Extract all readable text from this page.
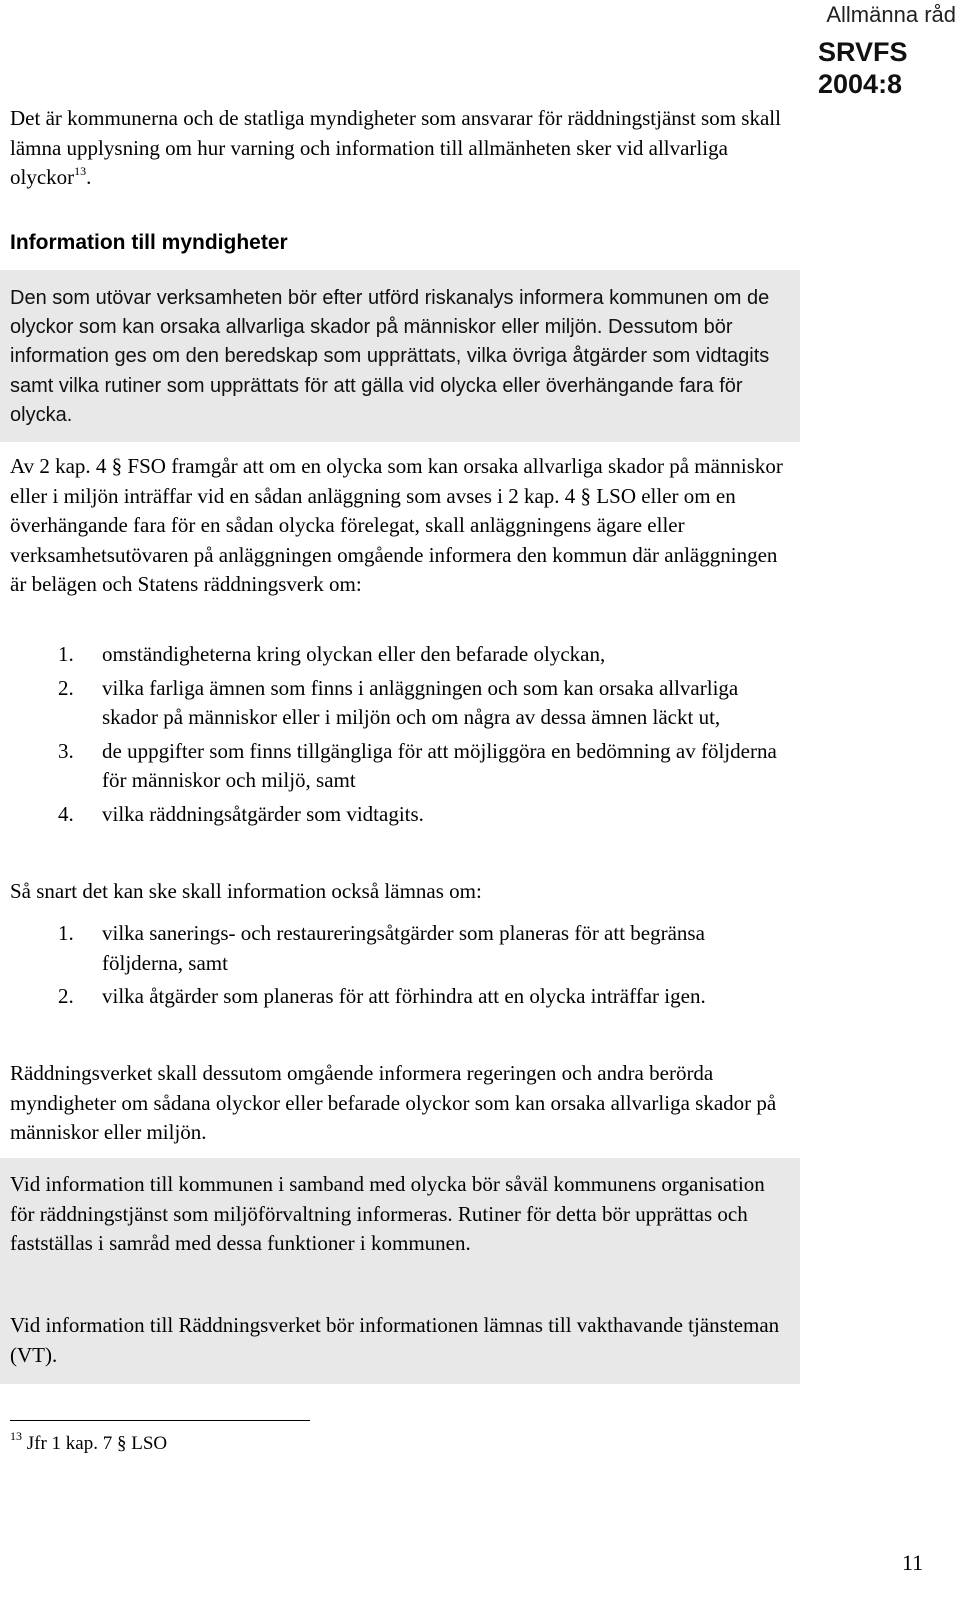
Allmänna råd
SRVFS
2004:8

Det är kommunerna och de statliga myndigheter som ansvarar för räddningstjänst som skall lämna upplysning om hur varning och information till allmänheten sker vid allvarliga olyckor$^{13}$.

Information till myndigheter

Den som utövar verksamheten bör efter utförd riskanalys informera kommunen om de olyckor som kan orsaka allvarliga skador på människor eller miljön. Dessutom bör information ges om den beredskap som upprättats, vilka övriga åtgärder som vidtagits samt vilka rutiner som upprättats för att gälla vid olycka eller överhängande fara för olycka.

Av 2 kap. 4 § FSO framgår att om en olycka som kan orsaka allvarliga skador på människor eller i miljön inträffar vid en sådan anläggning som avses i 2 kap. 4 § LSO eller om en överhängande fara för en sådan olycka förelegat, skall anläggningens ägare eller verksamhetsutövaren på anläggningen omgående informera den kommun där anläggningen är belägen och Statens räddningsverk om:

1. omständigheterna kring olyckan eller den befarade olyckan,
2. vilka farliga ämnen som finns i anläggningen och som kan orsaka allvarliga skador på människor eller i miljön och om några av dessa ämnen läckt ut,
3. de uppgifter som finns tillgängliga för att möjliggöra en bedömning av följderna för människor och miljö, samt
4. vilka räddningsåtgärder som vidtagits.

Så snart det kan ske skall information också lämnas om:

1. vilka sanerings- och restaureringsåtgärder som planeras för att begränsa följderna, samt
2. vilka åtgärder som planeras för att förhindra att en olycka inträffar igen.

Räddningsverket skall dessutom omgående informera regeringen och andra berörda myndigheter om sådana olyckor eller befarade olyckor som kan orsaka allvarliga skador på människor eller miljön.

Vid information till kommunen i samband med olycka bör såväl kommunens organisation för räddningstjänst som miljöförvaltning informeras. Rutiner för detta bör upprättas och fastställas i samråd med dessa funktioner i kommunen.

Vid information till Räddningsverket bör informationen lämnas till vakthavande tjänsteman (VT).

$^{13}$ Jfr 1 kap. 7 § LSO
11
